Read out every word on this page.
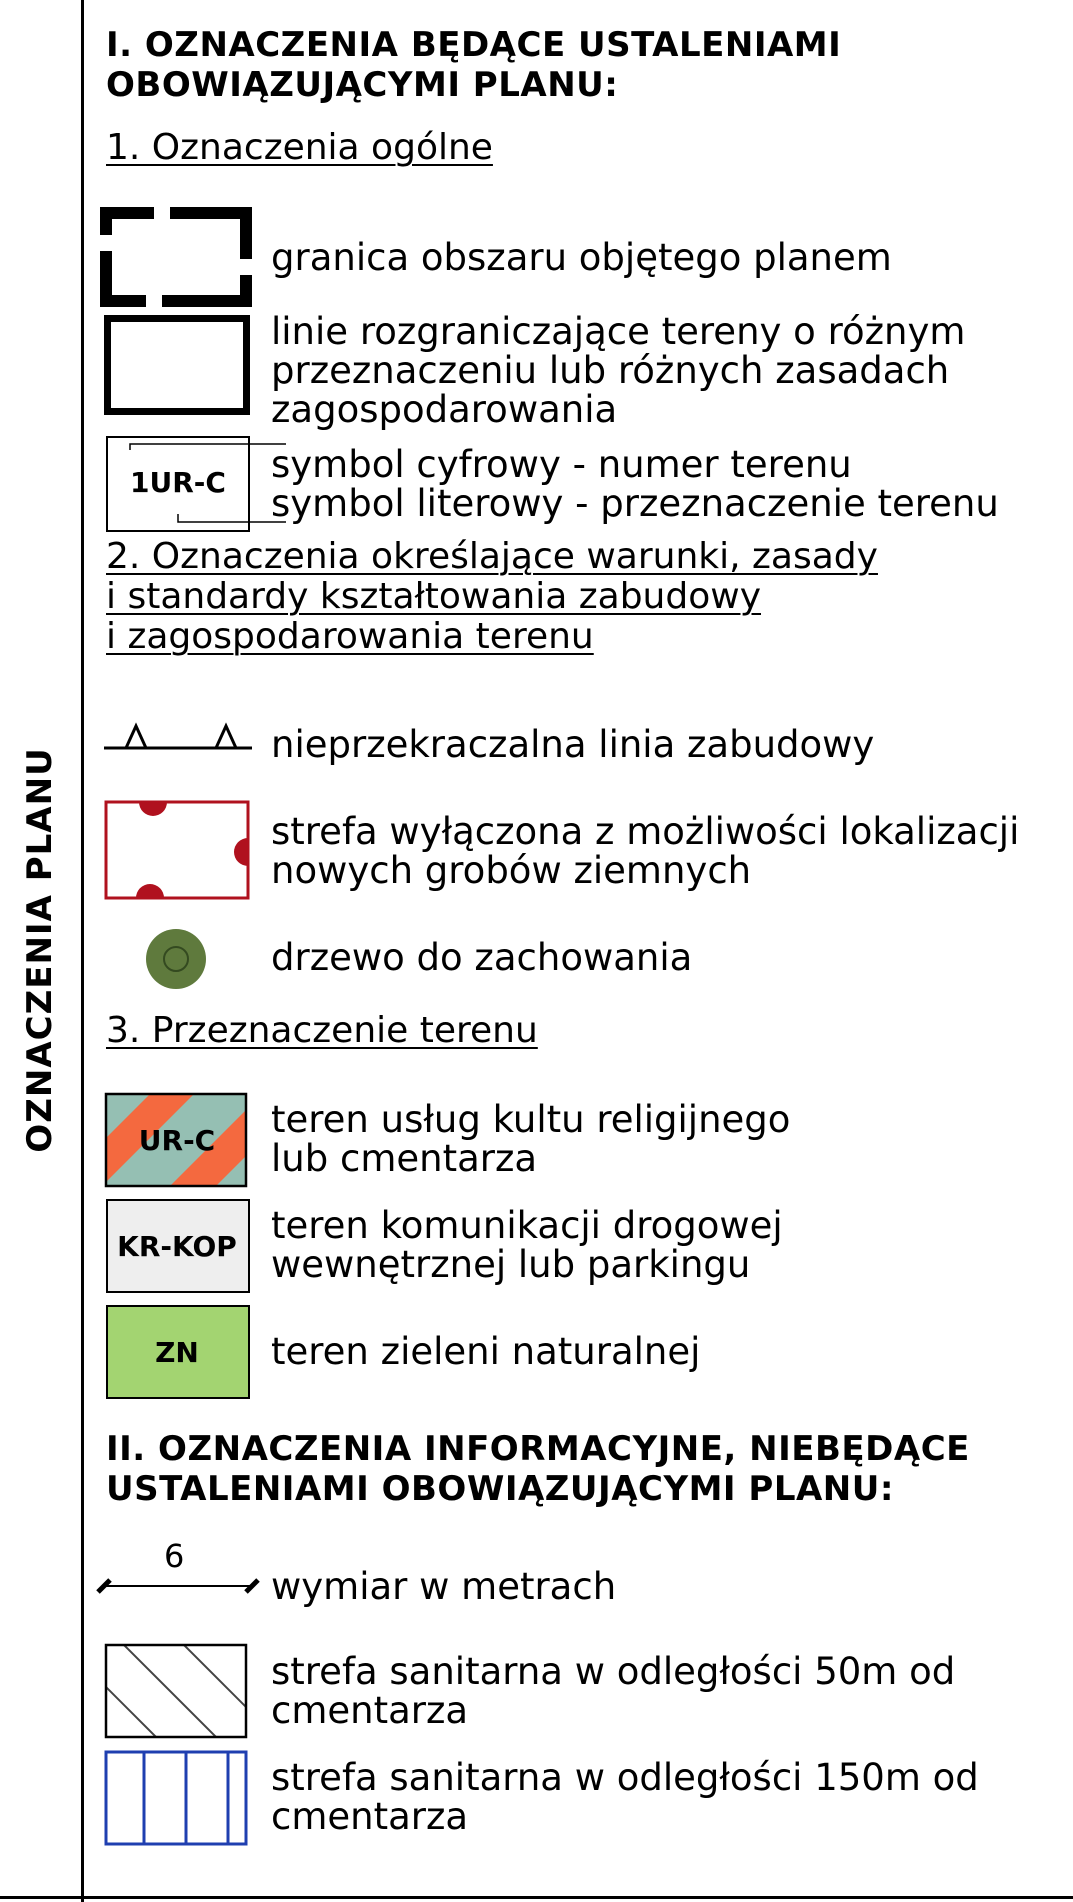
OZNACZENIA PLANU
I. OZNACZENIA BĘDĄCE USTALENIAMI
OBOWIĄZUJĄCYMI PLANU:
1. Oznaczenia ogólne
granica obszaru objętego planem
linie rozgraniczające tereny o różnym
przeznaczeniu lub różnych zasadach
zagospodarowania
1UR-C	symbol cyfrowy - numer terenu
symbol literowy - przeznaczenie terenu
2. Oznaczenia określające warunki, zasady
i standardy kształtowania zabudowy
i zagospodarowania terenu
nieprzekraczalna linia zabudowy
strefa wyłączona z możliwości lokalizacji
nowych grobów ziemnych
drzewo do zachowania
3. Przeznaczenie terenu
UR-C	teren usług kultu religijnego
lub cmentarza
KR-KOP teren komunikacji drogowej
wewnętrznej lub parkingu
ZN	teren zieleni naturalnej
II. OZNACZENIA INFORMACYJNE, NIEBĘDĄCE
USTALENIAMI OBOWIĄZUJĄCYMI PLANU:
6
wymiar w metrach
strefa sanitarna w odległości 50m od
cmentarza
strefa sanitarna w odległości 150m od
cmentarza
